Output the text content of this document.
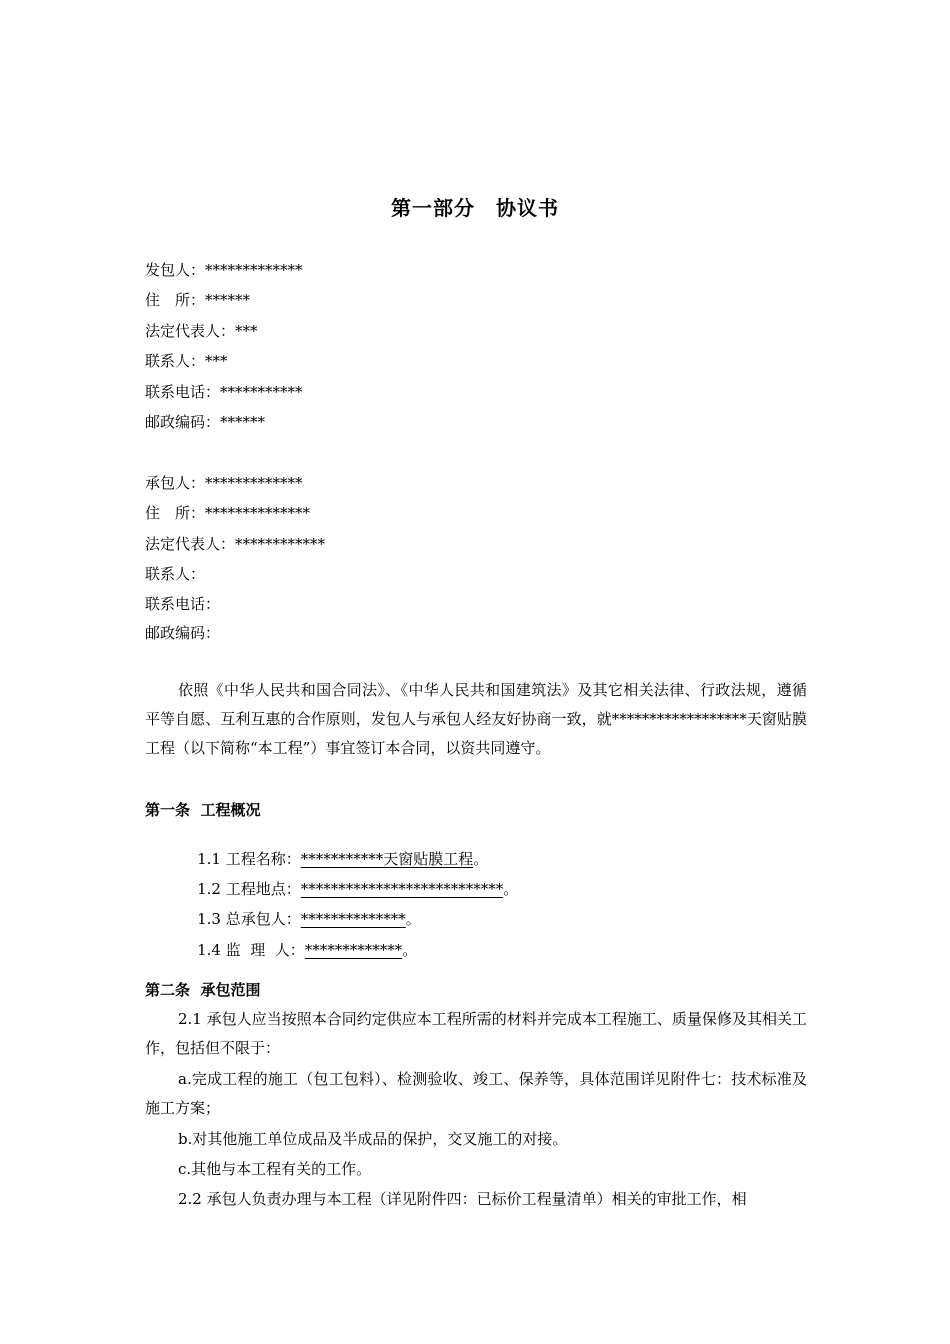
第一部分　协议书
发包人：*************
住　所：******
法定代表人：***
联系人：***
联系电话：***********
邮政编码：******
承包人：*************
住　所：**************
法定代表人：************
联系人：
联系电话：
邮政编码：
依照《中华人民共和国合同法》、《中华人民共和国建筑法》及其它相关法律、行政法规，遵循平等自愿、互利互惠的合作原则，发包人与承包人经友好协商一致，就******************天窗贴膜工程（以下简称“本工程”）事宜签订本合同，以资共同遵守。
第一条  工程概况

1.1 工程名称：***********天窗贴膜工程。

1.2 工程地点：***************************。

1.3 总承包人：**************。

1.4 监  理  人：*************。

第二条  承包范围
2.1 承包人应当按照本合同约定供应本工程所需的材料并完成本工程施工、质量保修及其相关工作，包括但不限于：
a.完成工程的施工（包工包料）、检测验收、竣工、保养等，具体范围详见附件七：技术标准及施工方案；
b.对其他施工单位成品及半成品的保护，交叉施工的对接。
c.其他与本工程有关的工作。
2.2 承包人负责办理与本工程（详见附件四：已标价工程量清单）相关的审批工作，相
